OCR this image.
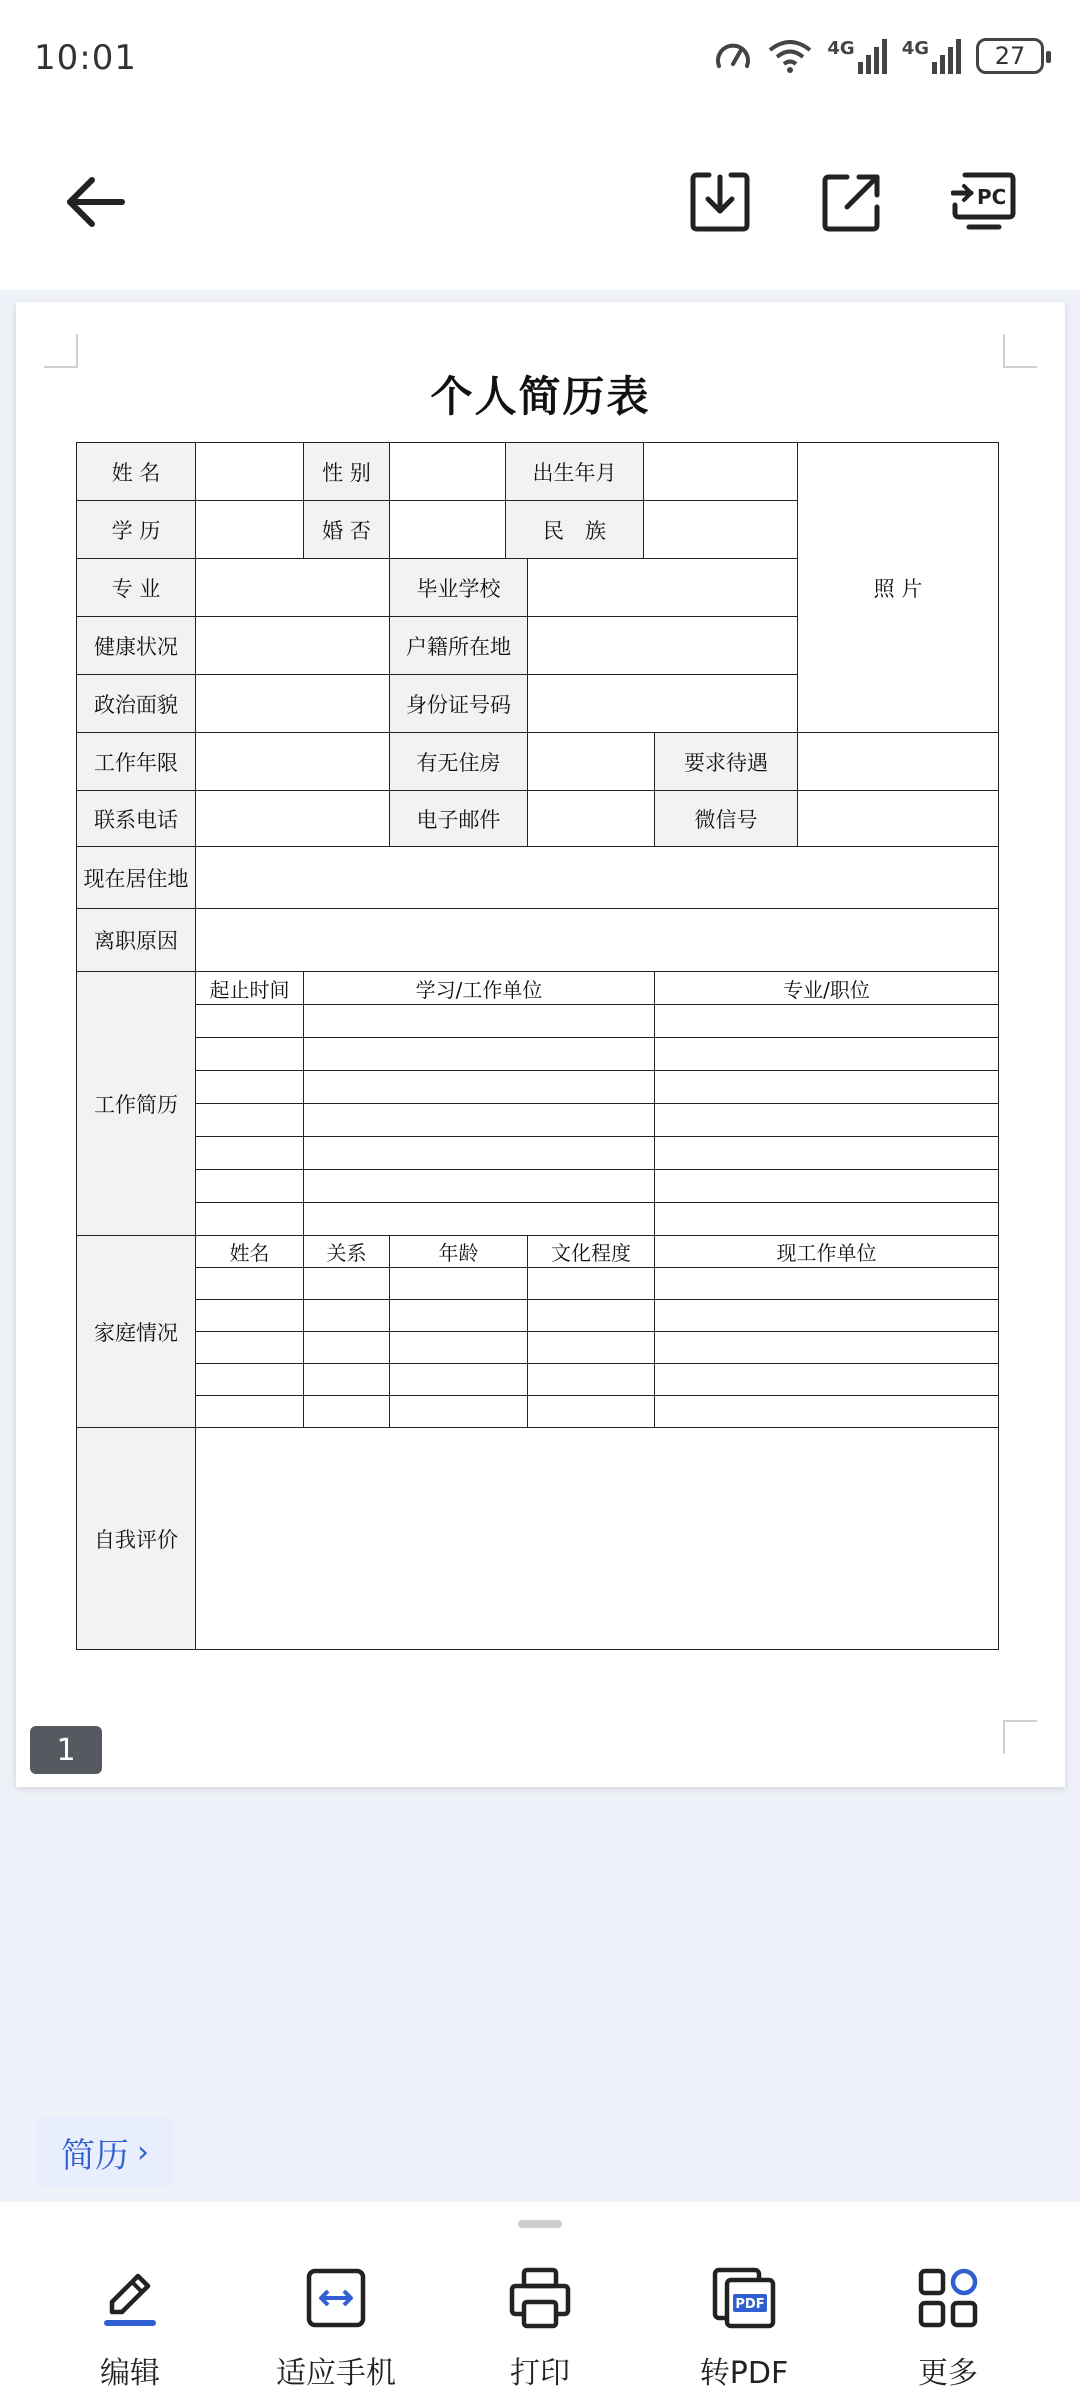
10:01	4G	4G	27
PC
个人简历表
姓 名		性 别		出生年月				照 片
学 历		婚 否		民　族				
专 业			毕业学校					
健康状况			户籍所在地					
政治面貌			身份证号码					
工作年限			有无住房				要求待遇	
联系电话			电子邮件				微信号	
现在居住地								
离职原因								
工作简历	起止时间	学习/工作单位					专业/职位	

家庭情况	姓名	关系	年龄		文化程度		现工作单位	

自我评价								
1
简历 ›
编辑	适应手机	打印
PDF
转PDF	更多
